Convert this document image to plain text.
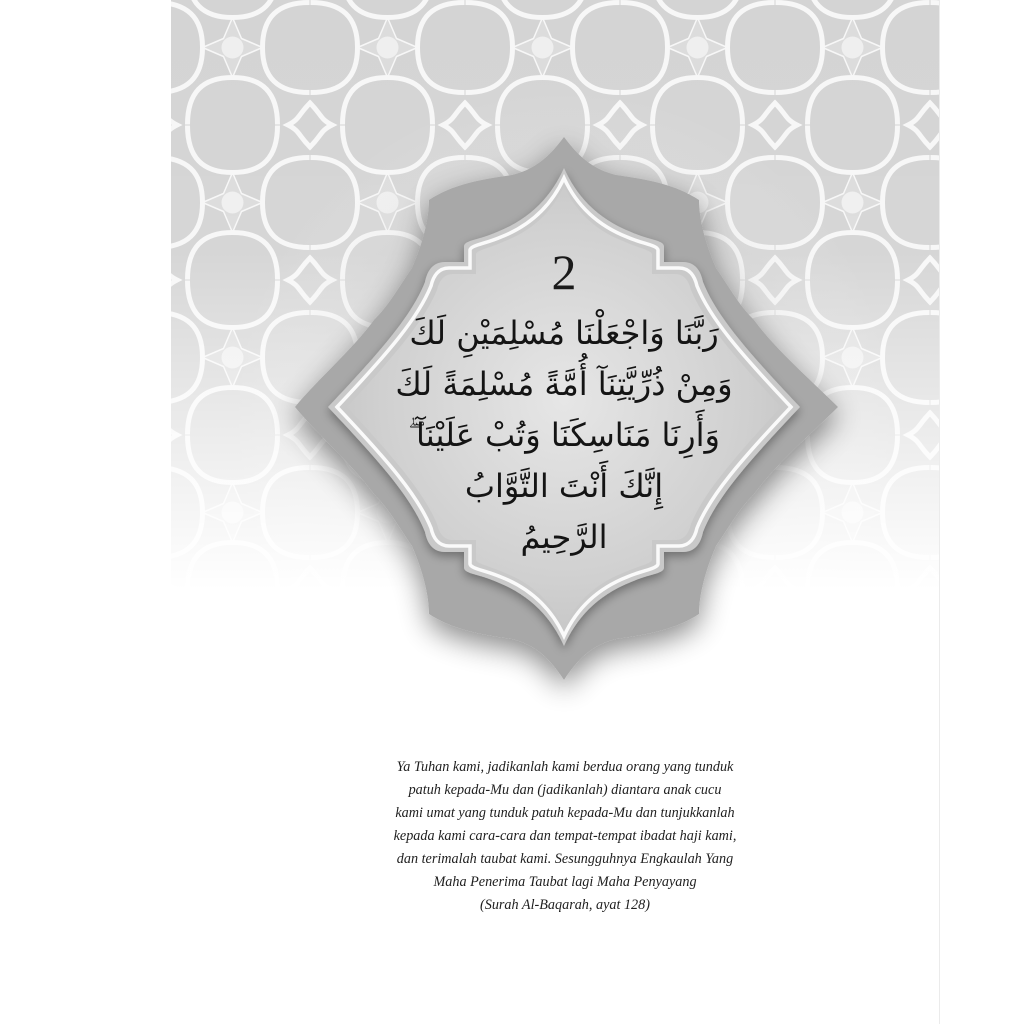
2
رَبَّنَا وَاجْعَلْنَا مُسْلِمَيْنِ لَكَ
وَمِنْ ذُرِّيَّتِنَآ أُمَّةً مُسْلِمَةً لَكَ
وَأَرِنَا مَنَاسِكَنَا وَتُبْ عَلَيْنَآ ۖ
إِنَّكَ أَنْتَ التَّوَّابُ
الرَّحِيمُ
Ya Tuhan kami, jadikanlah kami berdua orang yang tunduk
patuh kepada-Mu dan (jadikanlah) diantara anak cucu
kami umat yang tunduk patuh kepada-Mu dan tunjukkanlah
kepada kami cara-cara dan tempat-tempat ibadat haji kami,
dan terimalah taubat kami. Sesungguhnya Engkaulah Yang
Maha Penerima Taubat lagi Maha Penyayang
(Surah Al-Baqarah, ayat 128)
